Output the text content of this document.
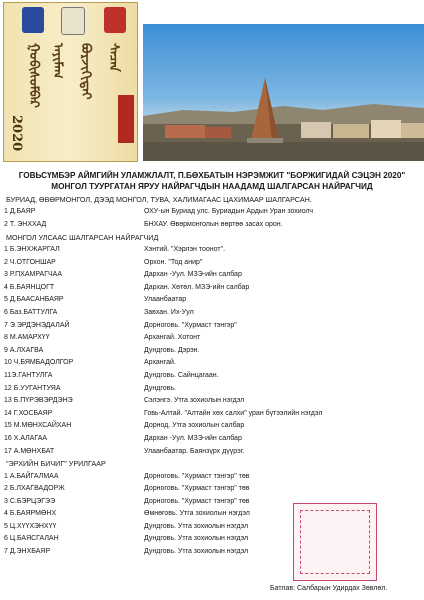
ᠭᠣᠪᠢᠰᠦᠮᠪᠡᠷ ᠠᠶᠢᠮᠠᠭ	ᠪᠣᠷᠵᠢᠭᠢᠳᠠᠢ	ᠰᠡᠴᠡᠨ
2020
ГОВЬСҮМБЭР АЙМГИЙН УЛАМЖЛАЛТ, П.БӨХБАТЫН НЭРЭМЖИТ "БОРЖИГИДАЙ СЭЦЭН 2020"
МОНГОЛ ТУУРГАТАН ЯРУУ НАЙРАГЧДЫН НААДАМД ШАЛГАРСАН НАЙРАГЧИД
БУРИАД, ӨВӨРМОНГОЛ, ДЭЭД МОНГОЛ, ТУВА, ХАЛИМАГААС ЦАХИМААР ШАЛГАРСАН.
1 Д.БАЯР	ОХУ-ын Буриад улс. Буриадын Ардын Уран зохиолч
2 Т. ЭНХХАД	БНХАУ. Өвөрмонголын өөртөө засах орон.
МОНГОЛ УЛСААС ШАЛГАРСАН НАЙРАГЧИД
1 Б.ЭНХЖАРГАЛ	Хэнтий. "Хэрлэн тоонот".
2 Ч.ОТГОНШАР	Орхон. "Тод анир"
3 Р.ПХАМРАГЧАА	Дархан -Уул. МЗЭ-ийн салбар
4 Б.БАЯНЦОГТ	Дархан. Хөтөл. МЗЭ-ийн салбар
5 Д.БААСАНБАЯР	Улаанбаатар
6 Баз.БАТТУЛГА	Завхан. Их-Уул
7 Э.ЭРДЭНЭДАЛАЙ	Дорноговь. "Хурмаст тэнгэр"
8 М.АМАРХҮҮ	Архангай. Хотонт
9 А.ЛХАГВА	Дундговь. Дэрэн.
10 Ч.БЯМБАДОЛГОР	Архангай.
11Э.ГАНТУЛГА	Дундговь. Сайнцагаан.
12 Б.УУГАНТУЯА	Дундговь.
13 Б.ПҮРЭВЭРДЭНЭ	Сэлэнгэ. Утга зохиолын нэгдэл
14 Г.ХОСБАЯР	Говь-Алтай. "Алтайн хөх салхи" уран бүтээлийн нэгдэл
15 М.МӨНХСАЙХАН	Дорнод. Утга зохиолын салбар
16 Х.АЛАГАА	Дархан -Уул. МЗЭ-ийн салбар
17 А.МӨНХБАТ	Улаанбаатар. Баянзүрх дүүрэг.
"ЭРХИЙН БИЧИГ" УРИЛГААР
1 А.БАЙГАЛМАА	Дорноговь. "Хурмаст тэнгэр" төв
2 Б.ЛХАГВАДОРЖ	Дорноговь. "Хурмаст тэнгэр" төв
3 С.БЭРЦЭГЭЭ	Дорноговь. "Хурмаст тэнгэр" төв
4 Б.БАЯРМӨНХ	Өмнөговь. Утга зохиолын нэгдэл
5 Ц.ХҮҮХЭНХҮҮ	Дундговь. Утга зохиолын нэгдэл
6 Ц.БАЯСГАЛАН	Дундговь. Утга зохиолын нэгдэл
7 Д.ЭНХБАЯР	Дундговь. Утга зохиолын нэгдэл
Батлав: Салбарын Удирдах Зөвлөл.
